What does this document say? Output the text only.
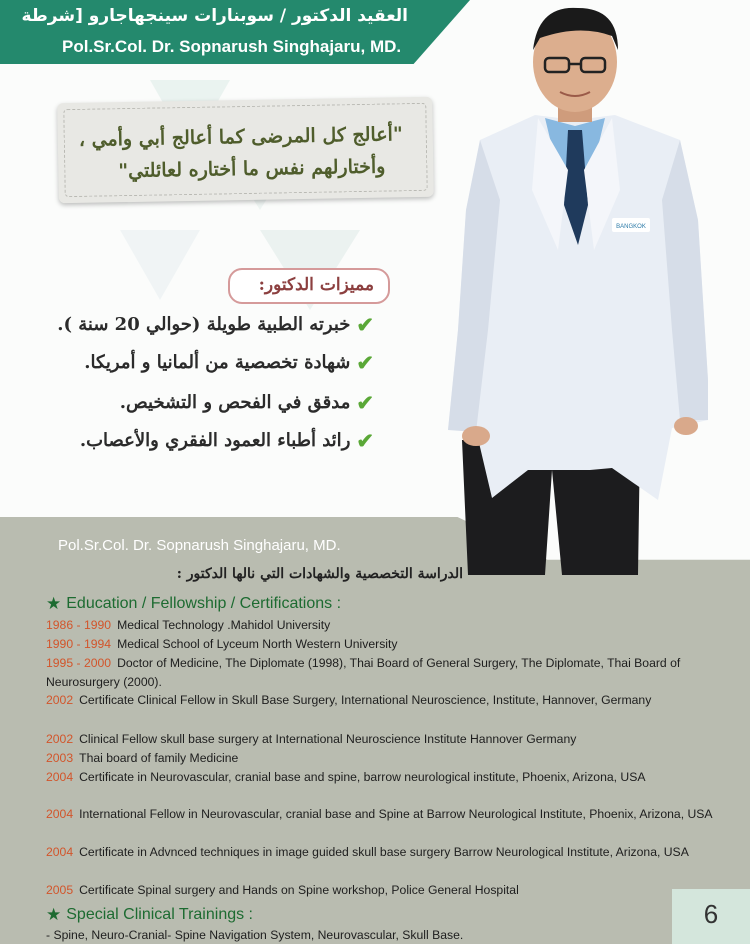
العقيد الدكتور / سوبنارات سينجهاجارو [شرطة
Pol.Sr.Col. Dr. Sopnarush Singhajaru, MD.
"أعالج كل المرضى كما أعالج أبي وأمي ،
وأختارلهم نفس ما أختاره لعائلتي"
مميزات الدكتور:
✔
خبرته الطبية طويلة (حوالي 20 سنة ).
✔
شهادة تخصصية من ألمانيا و أمريكا.
✔
مدقق في الفحص و التشخيص.
✔
رائد أطباء العمود الفقري والأعصاب.
BANGKOK
Pol.Sr.Col. Dr. Sopnarush Singhajaru, MD.
الدراسة التخصصية والشهادات التي نالها الدكتور :
★ Education / Fellowship / Certifications :
1986 - 1990 Medical Technology .Mahidol University
1990 - 1994 Medical School of Lyceum North Western University
1995 - 2000 Doctor of Medicine, The Diplomate (1998), Thai Board of General Surgery, The Diplomate, Thai Board of Neurosurgery (2000).
2002 Certificate Clinical Fellow in Skull Base Surgery, International Neuroscience, Institute, Hannover, Germany
2002 Clinical Fellow skull base surgery at International Neuroscience Institute Hannover Germany
2003 Thai board of family Medicine
2004 Certificate in Neurovascular, cranial base and spine, barrow neurological institute, Phoenix, Arizona, USA
2004 International Fellow in Neurovascular, cranial base and Spine at Barrow Neurological Institute, Phoenix, Arizona, USA
2004 Certificate in Advnced techniques in image guided skull base surgery Barrow Neurological Institute, Arizona, USA
2005 Certificate Spinal surgery and Hands on Spine workshop, Police General Hospital
★ Special Clinical Trainings :
- Spine, Neuro-Cranial- Spine Navigation System, Neurovascular, Skull Base.
6
